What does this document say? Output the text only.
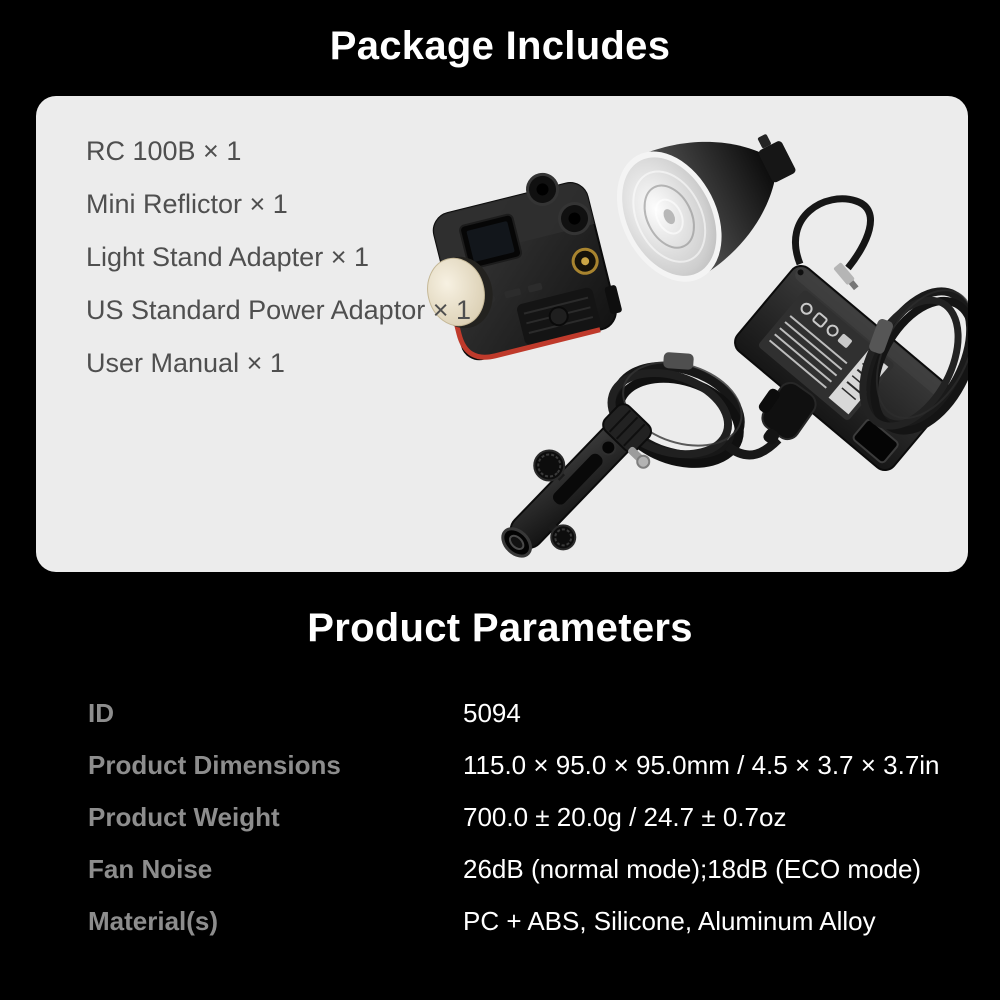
Package Includes
RC 100B × 1
Mini Reflictor × 1
Light Stand Adapter × 1
US Standard Power Adaptor × 1
User Manual × 1
Product Parameters
ID	5094
Product Dimensions	115.0 × 95.0 × 95.0mm / 4.5 × 3.7 × 3.7in
Product Weight	700.0 ± 20.0g / 24.7 ± 0.7oz
Fan Noise	26dB (normal mode);18dB (ECO mode)
Material(s)	PC + ABS, Silicone, Aluminum Alloy
